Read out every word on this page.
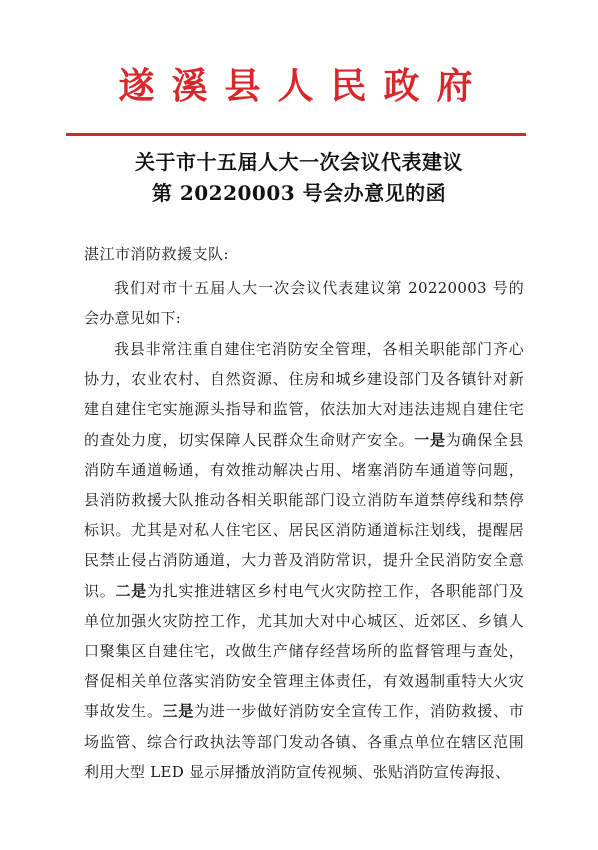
遂溪县人民政府
关于市十五届人大一次会议代表建议
第 20220003 号会办意见的函
湛江市消防救援支队:

我们对市十五届人大一次会议代表建议第 20220003 号的会办意见如下:

我县非常注重自建住宅消防安全管理，各相关职能部门齐心协力，农业农村、自然资源、住房和城乡建设部门及各镇针对新建自建住宅实施源头指导和监管，依法加大对违法违规自建住宅的查处力度，切实保障人民群众生命财产安全。一是为确保全县消防车通道畅通，有效推动解决占用、堵塞消防车通道等问题，县消防救援大队推动各相关职能部门设立消防车道禁停线和禁停标识。尤其是对私人住宅区、居民区消防通道标注划线，提醒居民禁止侵占消防通道，大力普及消防常识，提升全民消防安全意识。二是为扎实推进辖区乡村电气火灾防控工作，各职能部门及单位加强火灾防控工作，尤其加大对中心城区、近郊区、乡镇人口聚集区自建住宅，改做生产储存经营场所的监督管理与查处，督促相关单位落实消防安全管理主体责任，有效遏制重特大火灾事故发生。三是为进一步做好消防安全宣传工作，消防救援、市场监管、综合行政执法等部门发动各镇、各重点单位在辖区范围利用大型 LED 显示屏播放消防宣传视频、张贴消防宣传海报、
